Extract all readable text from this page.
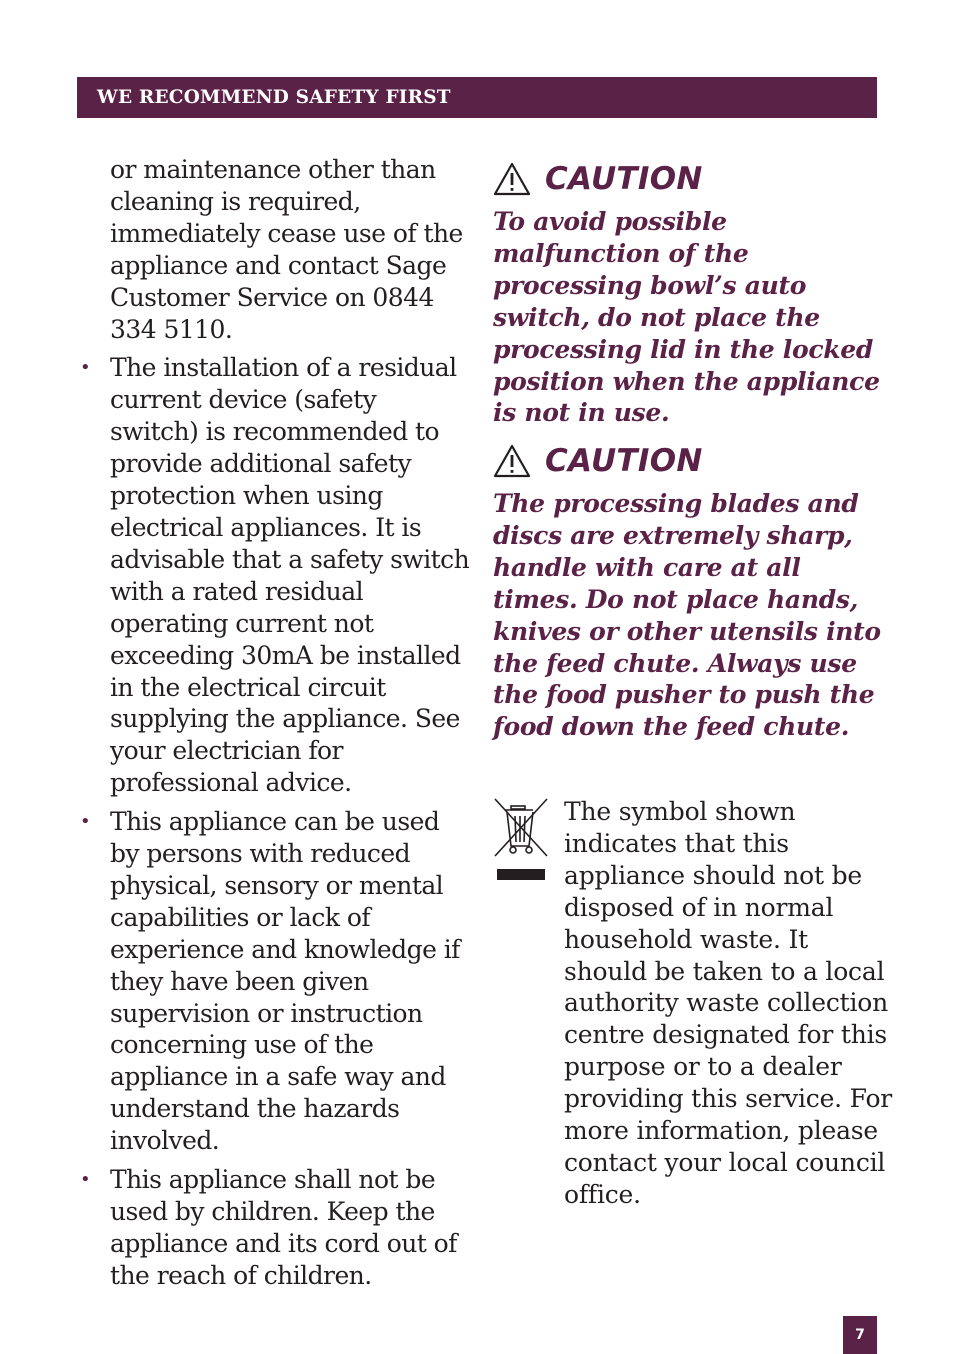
WE RECOMMEND SAFETY FIRST

or maintenance other than cleaning is required, immediately cease use of the appliance and contact Sage Customer Service on 0844 334 5110.

• The installation of a residual current device (safety switch) is recommended to provide additional safety protection when using electrical appliances. It is advisable that a safety switch with a rated residual operating current not exceeding 30mA be installed in the electrical circuit supplying the appliance. See your electrician for professional advice.
• This appliance can be used by persons with reduced physical, sensory or mental capabilities or lack of experience and knowledge if they have been given supervision or instruction concerning use of the appliance in a safe way and understand the hazards involved.
• This appliance shall not be used by children. Keep the appliance and its cord out of the reach of children.
CAUTION
To avoid possible malfunction of the processing bowl’s auto switch, do not place the processing lid in the locked position when the appliance is not in use.
CAUTION
The processing blades and discs are extremely sharp, handle with care at all times. Do not place hands, knives or other utensils into the feed chute. Always use the food pusher to push the food down the feed chute.
The symbol shown indicates that this appliance should not be disposed of in normal household waste. It should be taken to a local authority waste collection centre designated for this purpose or to a dealer providing this service. For more information, please contact your local council office.
7
